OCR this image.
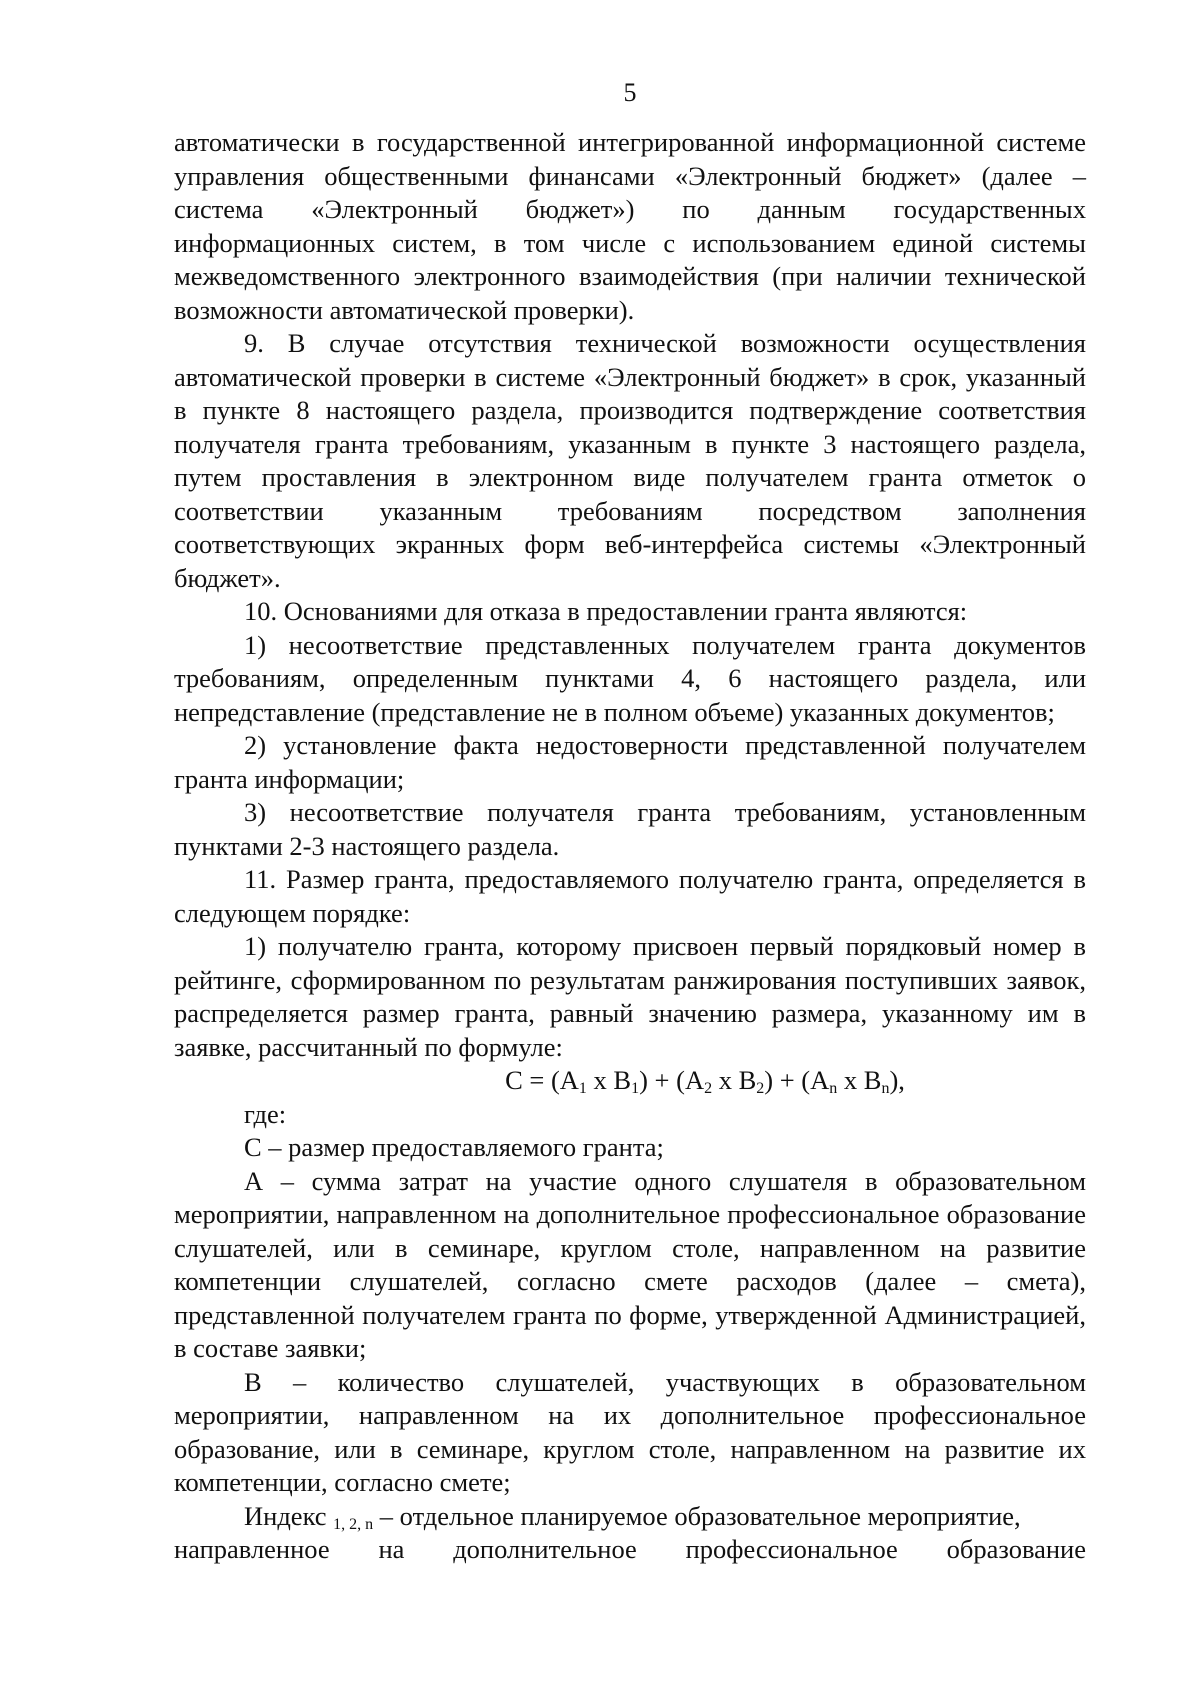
5

автоматически в государственной интегрированной информационной системе управления общественными финансами «Электронный бюджет» (далее – система «Электронный бюджет») по данным государственных информационных систем, в том числе с использованием единой системы межведомственного электронного взаимодействия (при наличии технической возможности автоматической проверки).

9. В случае отсутствия технической возможности осуществления автоматической проверки в системе «Электронный бюджет» в срок, указанный в пункте 8 настоящего раздела, производится подтверждение соответствия получателя гранта требованиям, указанным в пункте 3 настоящего раздела, путем проставления в электронном виде получателем гранта отметок о соответствии указанным требованиям посредством заполнения соответствующих экранных форм веб-интерфейса системы «Электронный бюджет».

10. Основаниями для отказа в предоставлении гранта являются:

1) несоответствие представленных получателем гранта документов требованиям, определенным пунктами 4, 6 настоящего раздела, или непредставление (представление не в полном объеме) указанных документов;

2) установление факта недостоверности представленной получателем гранта информации;

3) несоответствие получателя гранта требованиям, установленным пунктами 2-3 настоящего раздела.

11. Размер гранта, предоставляемого получателю гранта, определяется в следующем порядке:

1) получателю гранта, которому присвоен первый порядковый номер в рейтинге, сформированном по результатам ранжирования поступивших заявок, распределяется размер гранта, равный значению размера, указанному им в заявке, рассчитанный по формуле:

$С = (А_1$ х $В_1) + (А_2$ х $В_2) + (А_n$ х $В_n$),

где:

С – размер предоставляемого гранта;

А – сумма затрат на участие одного слушателя в образовательном мероприятии, направленном на дополнительное профессиональное образование слушателей, или в семинаре, круглом столе, направленном на развитие компетенции слушателей, согласно смете расходов (далее – смета), представленной получателем гранта по форме, утвержденной Администрацией, в составе заявки;

В – количество слушателей, участвующих в образовательном мероприятии, направленном на их дополнительное профессиональное образование, или в семинаре, круглом столе, направленном на развитие их компетенции, согласно смете;

Индекс $_{1, 2, n}$ – отдельное планируемое образовательное мероприятие,

направленное на дополнительное профессиональное образование
